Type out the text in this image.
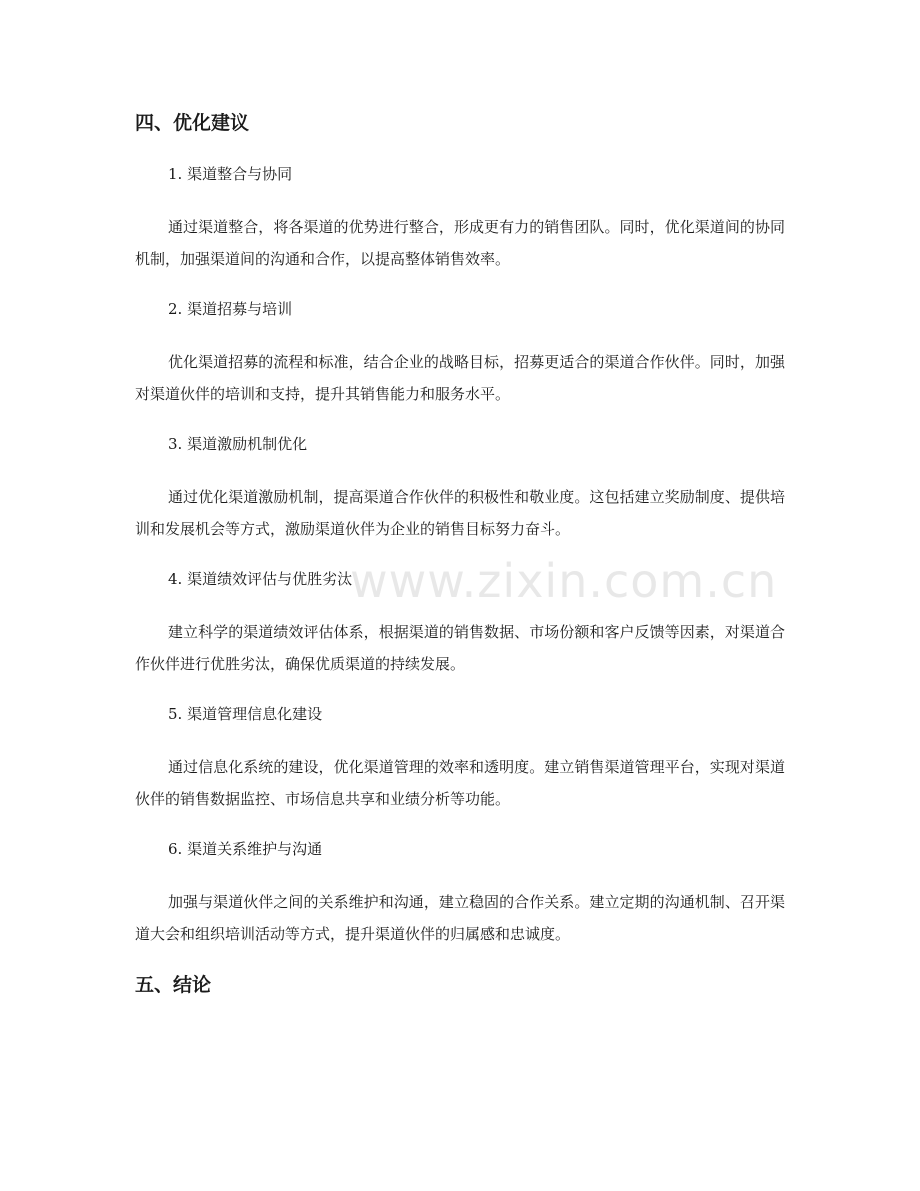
四、优化建议

1. 渠道整合与协同

通过渠道整合，将各渠道的优势进行整合，形成更有力的销售团队。同时，优化渠道间的协同机制，加强渠道间的沟通和合作，以提高整体销售效率。

2. 渠道招募与培训

优化渠道招募的流程和标准，结合企业的战略目标，招募更适合的渠道合作伙伴。同时，加强对渠道伙伴的培训和支持，提升其销售能力和服务水平。

3. 渠道激励机制优化

通过优化渠道激励机制，提高渠道合作伙伴的积极性和敬业度。这包括建立奖励制度、提供培训和发展机会等方式，激励渠道伙伴为企业的销售目标努力奋斗。

4. 渠道绩效评估与优胜劣汰

建立科学的渠道绩效评估体系，根据渠道的销售数据、市场份额和客户反馈等因素，对渠道合作伙伴进行优胜劣汰，确保优质渠道的持续发展。

5. 渠道管理信息化建设

通过信息化系统的建设，优化渠道管理的效率和透明度。建立销售渠道管理平台，实现对渠道伙伴的销售数据监控、市场信息共享和业绩分析等功能。

6. 渠道关系维护与沟通

加强与渠道伙伴之间的关系维护和沟通，建立稳固的合作关系。建立定期的沟通机制、召开渠道大会和组织培训活动等方式，提升渠道伙伴的归属感和忠诚度。

五、结论
www.zixin.com.cn
